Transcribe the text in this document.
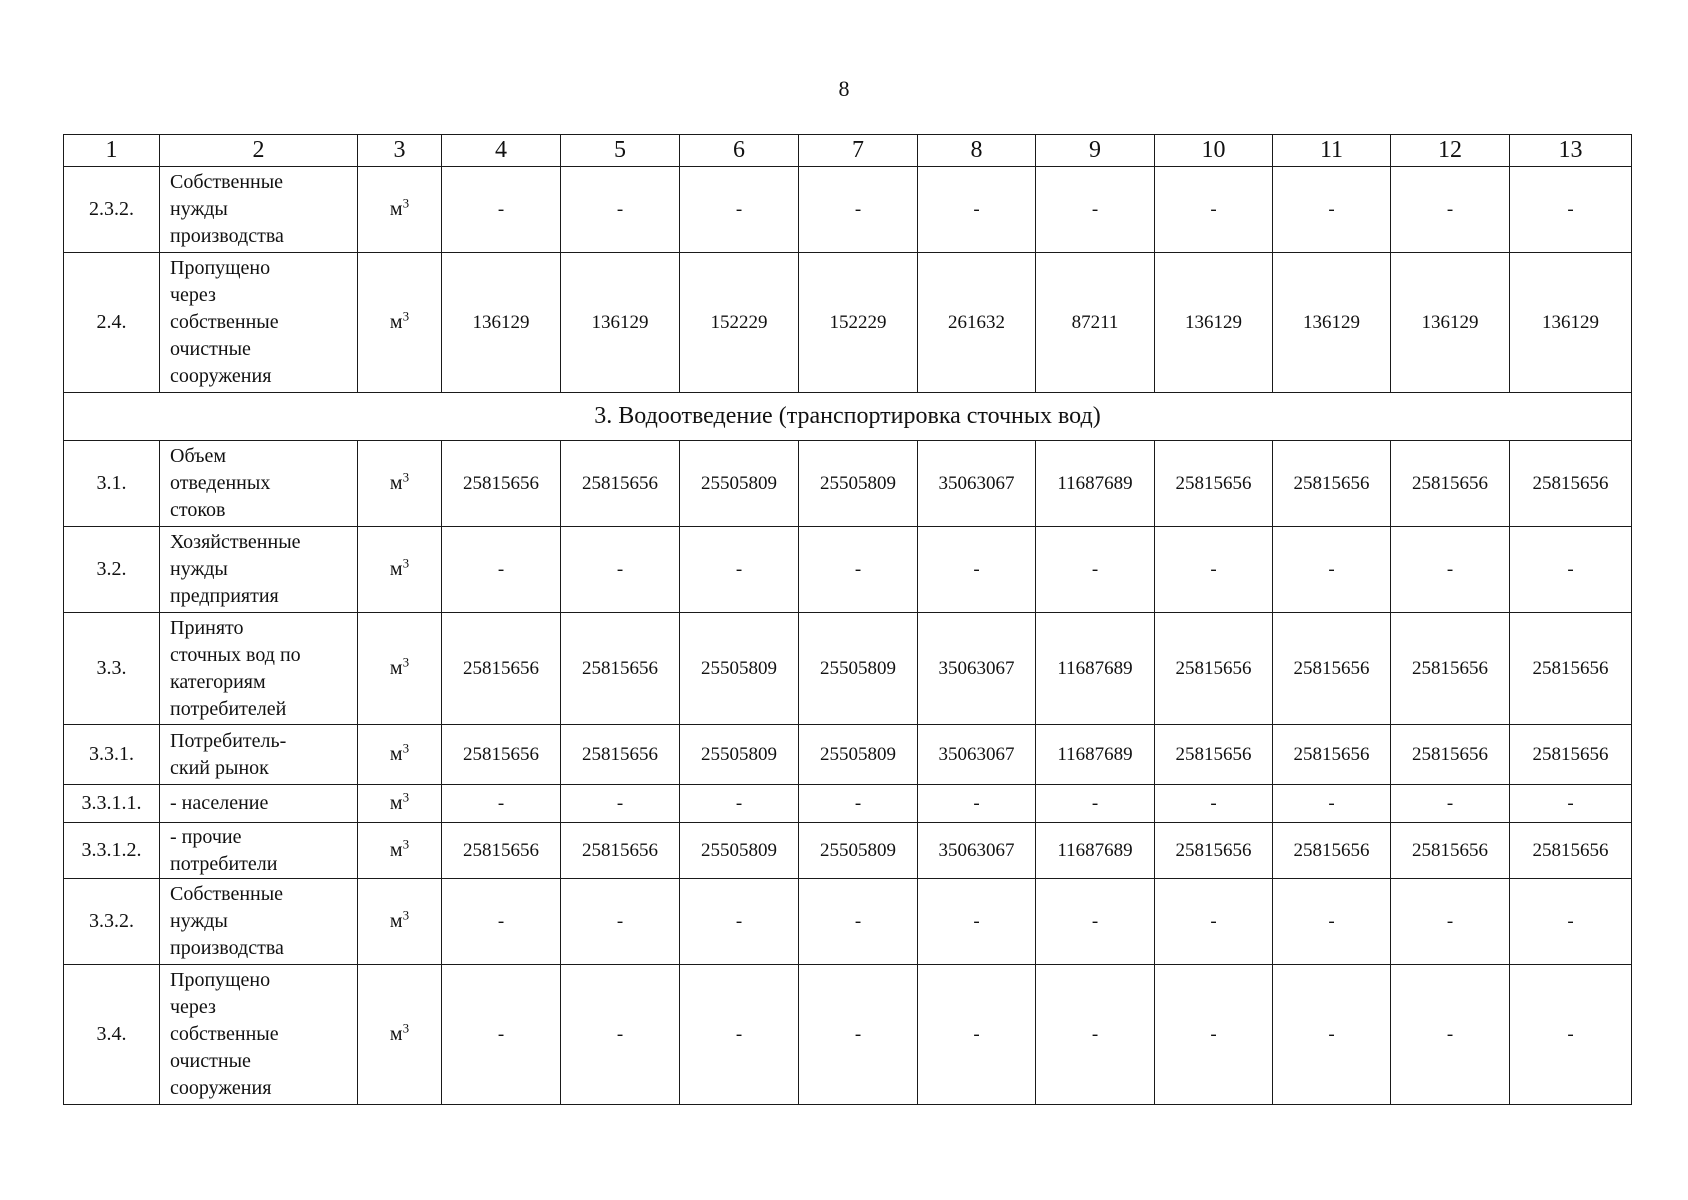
8
1	2	3	4	5	6	7	8	9	10	11	12	13
2.3.2.	Собственные
нужды
производства	$м^3$	-	-	-	-	-	-	-	-	-	-
2.4.	Пропущено
через
собственные
очистные
сооружения	$м^3$	136129	136129	152229	152229	261632	87211	136129	136129	136129	136129
3. Водоотведение (транспортировка сточных вод)												
3.1.	Объем
отведенных
стоков	$м^3$	25815656	25815656	25505809	25505809	35063067	11687689	25815656	25815656	25815656	25815656
3.2.	Хозяйственные
нужды
предприятия	$м^3$	-	-	-	-	-	-	-	-	-	-
3.3.	Принято
сточных вод по
категориям
потребителей	$м^3$	25815656	25815656	25505809	25505809	35063067	11687689	25815656	25815656	25815656	25815656
3.3.1.	Потребитель-
ский рынок	$м^3$	25815656	25815656	25505809	25505809	35063067	11687689	25815656	25815656	25815656	25815656
3.3.1.1.	- население	$м^3$	-	-	-	-	-	-	-	-	-	-
3.3.1.2.	- прочие
потребители	$м^3$	25815656	25815656	25505809	25505809	35063067	11687689	25815656	25815656	25815656	25815656
3.3.2.	Собственные
нужды
производства	$м^3$	-	-	-	-	-	-	-	-	-	-
3.4.	Пропущено
через
собственные
очистные
сооружения	$м^3$	-	-	-	-	-	-	-	-	-	-
